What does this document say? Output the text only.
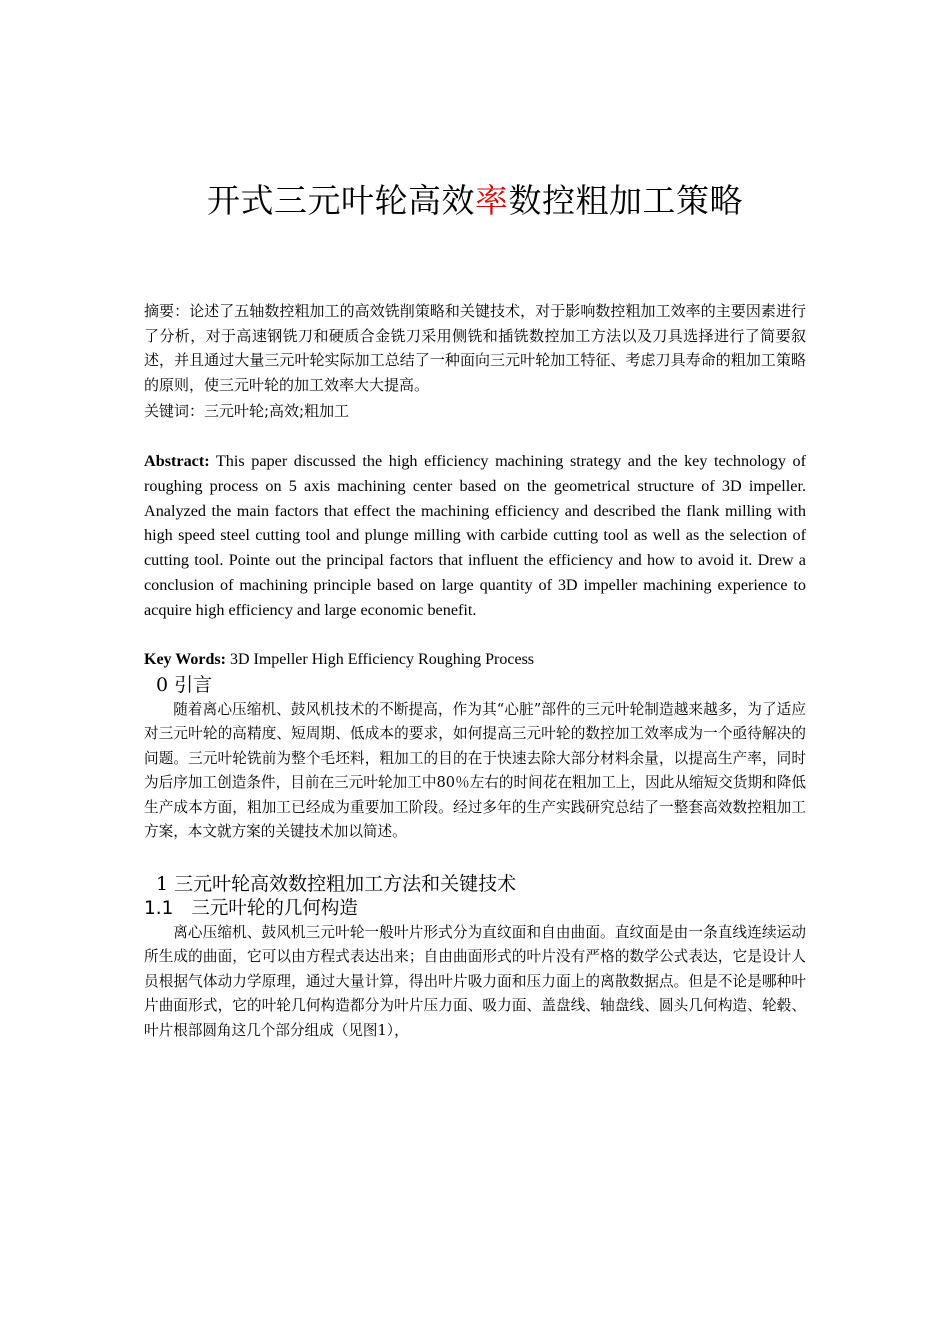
开式三元叶轮高效率数控粗加工策略
摘要：论述了五轴数控粗加工的高效铣削策略和关键技术，对于影响数控粗加工效率的主要因素进行了分析，对于高速钢铣刀和硬质合金铣刀采用侧铣和插铣数控加工方法以及刀具选择进行了简要叙述，并且通过大量三元叶轮实际加工总结了一种面向三元叶轮加工特征、考虑刀具寿命的粗加工策略的原则，使三元叶轮的加工效率大大提高。
关键词：三元叶轮;高效;粗加工
Abstract: This paper discussed the high efficiency machining strategy and the key technology of roughing process on 5 axis machining center based on the geometrical structure of 3D impeller. Analyzed the main factors that effect the machining efficiency and described the flank milling with high speed steel cutting tool and plunge milling with carbide cutting tool as well as the selection of cutting tool. Pointe out the principal factors that influent the efficiency and how to avoid it. Drew a conclusion of machining principle based on large quantity of 3D impeller machining experience to acquire high efficiency and large economic benefit.
Key Words: 3D Impeller High Efficiency Roughing Process
0 引言
随着离心压缩机、鼓风机技术的不断提高，作为其“心脏”部件的三元叶轮制造越来越多，为了适应对三元叶轮的高精度、短周期、低成本的要求，如何提高三元叶轮的数控加工效率成为一个亟待解决的问题。三元叶轮铣前为整个毛坯料，粗加工的目的在于快速去除大部分材料余量，以提高生产率，同时为后序加工创造条件，目前在三元叶轮加工中80％左右的时间花在粗加工上，因此从缩短交货期和降低生产成本方面，粗加工已经成为重要加工阶段。经过多年的生产实践研究总结了一整套高效数控粗加工方案，本文就方案的关键技术加以简述。
1 三元叶轮高效数控粗加工方法和关键技术
1.1 三元叶轮的几何构造
离心压缩机、鼓风机三元叶轮一般叶片形式分为直纹面和自由曲面。直纹面是由一条直线连续运动所生成的曲面，它可以由方程式表达出来；自由曲面形式的叶片没有严格的数学公式表达，它是设计人员根据气体动力学原理，通过大量计算，得出叶片吸力面和压力面上的离散数据点。但是不论是哪种叶片曲面形式，它的叶轮几何构造都分为叶片压力面、吸力面、盖盘线、轴盘线、圆头几何构造、轮毂、叶片根部圆角这几个部分组成（见图1），
